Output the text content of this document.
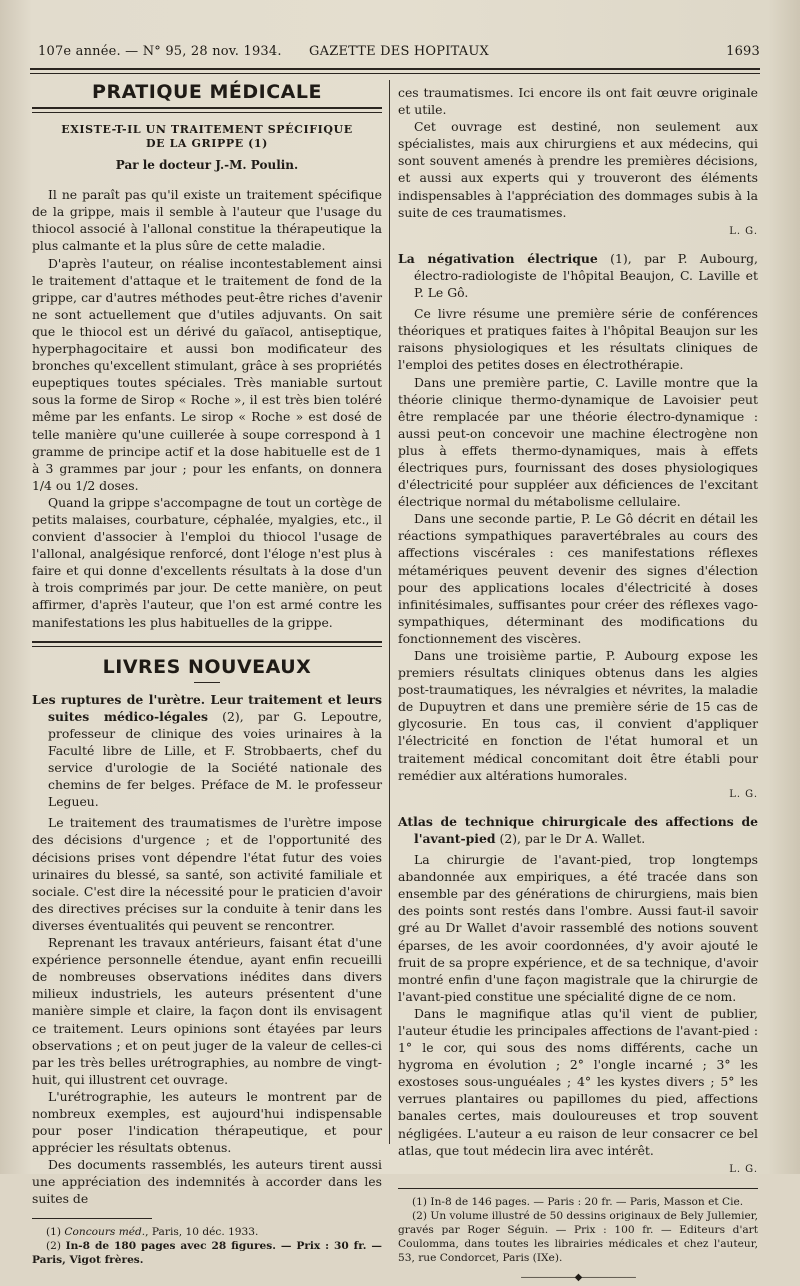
107e année. — N° 95, 28 nov. 1934.	GAZETTE DES HOPITAUX	1693
PRATIQUE MÉDICALE

EXISTE-T-IL UN TRAITEMENT SPÉCIFIQUE

DE LA GRIPPE (1)

Par le docteur J.-M. Poulin.

Il ne paraît pas qu'il existe un traitement spécifique de la grippe, mais il semble à l'auteur que l'usage du thiocol associé à l'allonal constitue la thérapeutique la plus calmante et la plus sûre de cette maladie.

D'après l'auteur, on réalise incontestablement ainsi le traitement d'attaque et le traitement de fond de la grippe, car d'autres méthodes peut-être riches d'avenir ne sont actuellement que d'utiles adjuvants. On sait que le thiocol est un dérivé du gaïacol, antiseptique, hyperphagocitaire et aussi bon modificateur des bronches qu'excellent stimulant, grâce à ses propriétés eupeptiques toutes spéciales. Très maniable surtout sous la forme de Sirop « Roche », il est très bien toléré même par les enfants. Le sirop « Roche » est dosé de telle manière qu'une cuillerée à soupe correspond à 1 gramme de principe actif et la dose habituelle est de 1 à 3 grammes par jour ; pour les enfants, on donnera 1/4 ou 1/2 doses.

Quand la grippe s'accompagne de tout un cortège de petits malaises, courbature, céphalée, myalgies, etc., il convient d'associer à l'emploi du thiocol l'usage de l'allonal, analgésique renforcé, dont l'éloge n'est plus à faire et qui donne d'excellents résultats à la dose d'un à trois comprimés par jour. De cette manière, on peut affirmer, d'après l'auteur, que l'on est armé contre les manifestations les plus habituelles de la grippe.

LIVRES NOUVEAUX

Les ruptures de l'urètre. Leur traitement et leurs suites médico-légales (2), par G. Lepoutre, professeur de clinique des voies urinaires à la Faculté libre de Lille, et F. Strobbaerts, chef du service d'urologie de la Société nationale des chemins de fer belges. Préface de M. le professeur Legueu.

Le traitement des traumatismes de l'urètre impose des décisions d'urgence ; et de l'opportunité des décisions prises vont dépendre l'état futur des voies urinaires du blessé, sa santé, son activité familiale et sociale. C'est dire la nécessité pour le praticien d'avoir des directives précises sur la conduite à tenir dans les diverses éventualités qui peuvent se rencontrer.

Reprenant les travaux antérieurs, faisant état d'une expérience personnelle étendue, ayant enfin recueilli de nombreuses observations inédites dans divers milieux industriels, les auteurs présentent d'une manière simple et claire, la façon dont ils envisagent ce traitement. Leurs opinions sont étayées par leurs observations ; et on peut juger de la valeur de celles-ci par les très belles urétrographies, au nombre de vingt-huit, qui illustrent cet ouvrage.

L'urétrographie, les auteurs le montrent par de nombreux exemples, est aujourd'hui indispensable pour poser l'indication thérapeutique, et pour apprécier les résultats obtenus.

Des documents rassemblés, les auteurs tirent aussi une appréciation des indemnités à accorder dans les suites de

(1) Concours méd., Paris, 10 déc. 1933.

(2) In-8 de 180 pages avec 28 figures. — Prix : 30 fr. — Paris, Vigot frères.

ces traumatismes. Ici encore ils ont fait œuvre originale et utile.

Cet ouvrage est destiné, non seulement aux spécialistes, mais aux chirurgiens et aux médecins, qui sont souvent amenés à prendre les premières décisions, et aussi aux experts qui y trouveront des éléments indispensables à l'appréciation des dommages subis à la suite de ces traumatismes.

L. G.

La négativation électrique (1), par P. Aubourg, électro-radiologiste de l'hôpital Beaujon, C. Laville et P. Le Gô.

Ce livre résume une première série de conférences théoriques et pratiques faites à l'hôpital Beaujon sur les raisons physiologiques et les résultats cliniques de l'emploi des petites doses en électrothérapie.

Dans une première partie, C. Laville montre que la théorie clinique thermo-dynamique de Lavoisier peut être remplacée par une théorie électro-dynamique : aussi peut-on concevoir une machine électrogène non plus à effets thermo-dynamiques, mais à effets électriques purs, fournissant des doses physiologiques d'électricité pour suppléer aux déficiences de l'excitant électrique normal du métabolisme cellulaire.

Dans une seconde partie, P. Le Gô décrit en détail les réactions sympathiques paravertébrales au cours des affections viscérales : ces manifestations réflexes métamériques peuvent devenir des signes d'élection pour des applications locales d'électricité à doses infinitésimales, suffisantes pour créer des réflexes vago-sympathiques, déterminant des modifications du fonctionnement des viscères.

Dans une troisième partie, P. Aubourg expose les premiers résultats cliniques obtenus dans les algies post-traumatiques, les névralgies et névrites, la maladie de Dupuytren et dans une première série de 15 cas de glycosurie. En tous cas, il convient d'appliquer l'électricité en fonction de l'état humoral et un traitement médical concomitant doit être établi pour remédier aux altérations humorales.

L. G.

Atlas de technique chirurgicale des affections de l'avant-pied (2), par le Dr A. Wallet.

La chirurgie de l'avant-pied, trop longtemps abandonnée aux empiriques, a été tracée dans son ensemble par des générations de chirurgiens, mais bien des points sont restés dans l'ombre. Aussi faut-il savoir gré au Dr Wallet d'avoir rassemblé des notions souvent éparses, de les avoir coordonnées, d'y avoir ajouté le fruit de sa propre expérience, et de sa technique, d'avoir montré enfin d'une façon magistrale que la chirurgie de l'avant-pied constitue une spécialité digne de ce nom.

Dans le magnifique atlas qu'il vient de publier, l'auteur étudie les principales affections de l'avant-pied : 1° le cor, qui sous des noms différents, cache un hygroma en évolution ; 2° l'ongle incarné ; 3° les exostoses sous-unguéales ; 4° les kystes divers ; 5° les verrues plantaires ou papillomes du pied, affections banales certes, mais douloureuses et trop souvent négligées. L'auteur a eu raison de leur consacrer ce bel atlas, que tout médecin lira avec intérêt.

L. G.

(1) In-8 de 146 pages. — Paris : 20 fr. — Paris, Masson et Cie.

(2) Un volume illustré de 50 dessins originaux de Bely Jullemier, gravés par Roger Séguin. — Prix : 100 fr. — Editeurs d'art Coulomma, dans toutes les librairies médicales et chez l'auteur, 53, rue Condorcet, Paris (IXe).

——————◆——————
